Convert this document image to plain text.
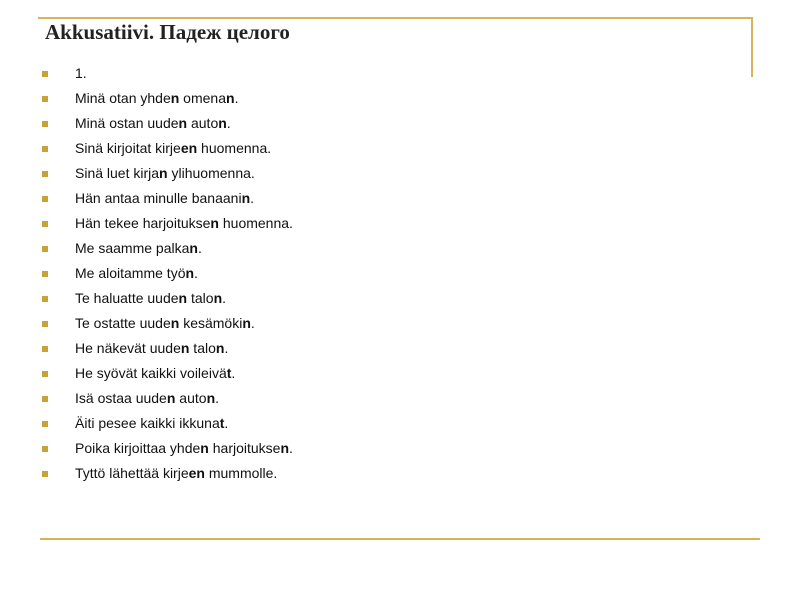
Akkusatiivi. Падеж целого
1.
Minä otan yhden omenan.
Minä ostan uuden auton.
Sinä kirjoitat kirjeen huomenna.
Sinä luet kirjan ylihuomenna.
Hän antaa minulle banaanin.
Hän tekee harjoituksen huomenna.
Me saamme palkan.
Me aloitamme työn.
Te haluatte uuden talon.
Te ostatte uuden kesämökin.
He näkevät uuden talon.
He syövät kaikki voileivät.
Isä ostaa uuden auton.
Äiti pesee kaikki ikkunat.
Poika kirjoittaa yhden harjoituksen.
Tyttö lähettää kirjeen mummolle.
